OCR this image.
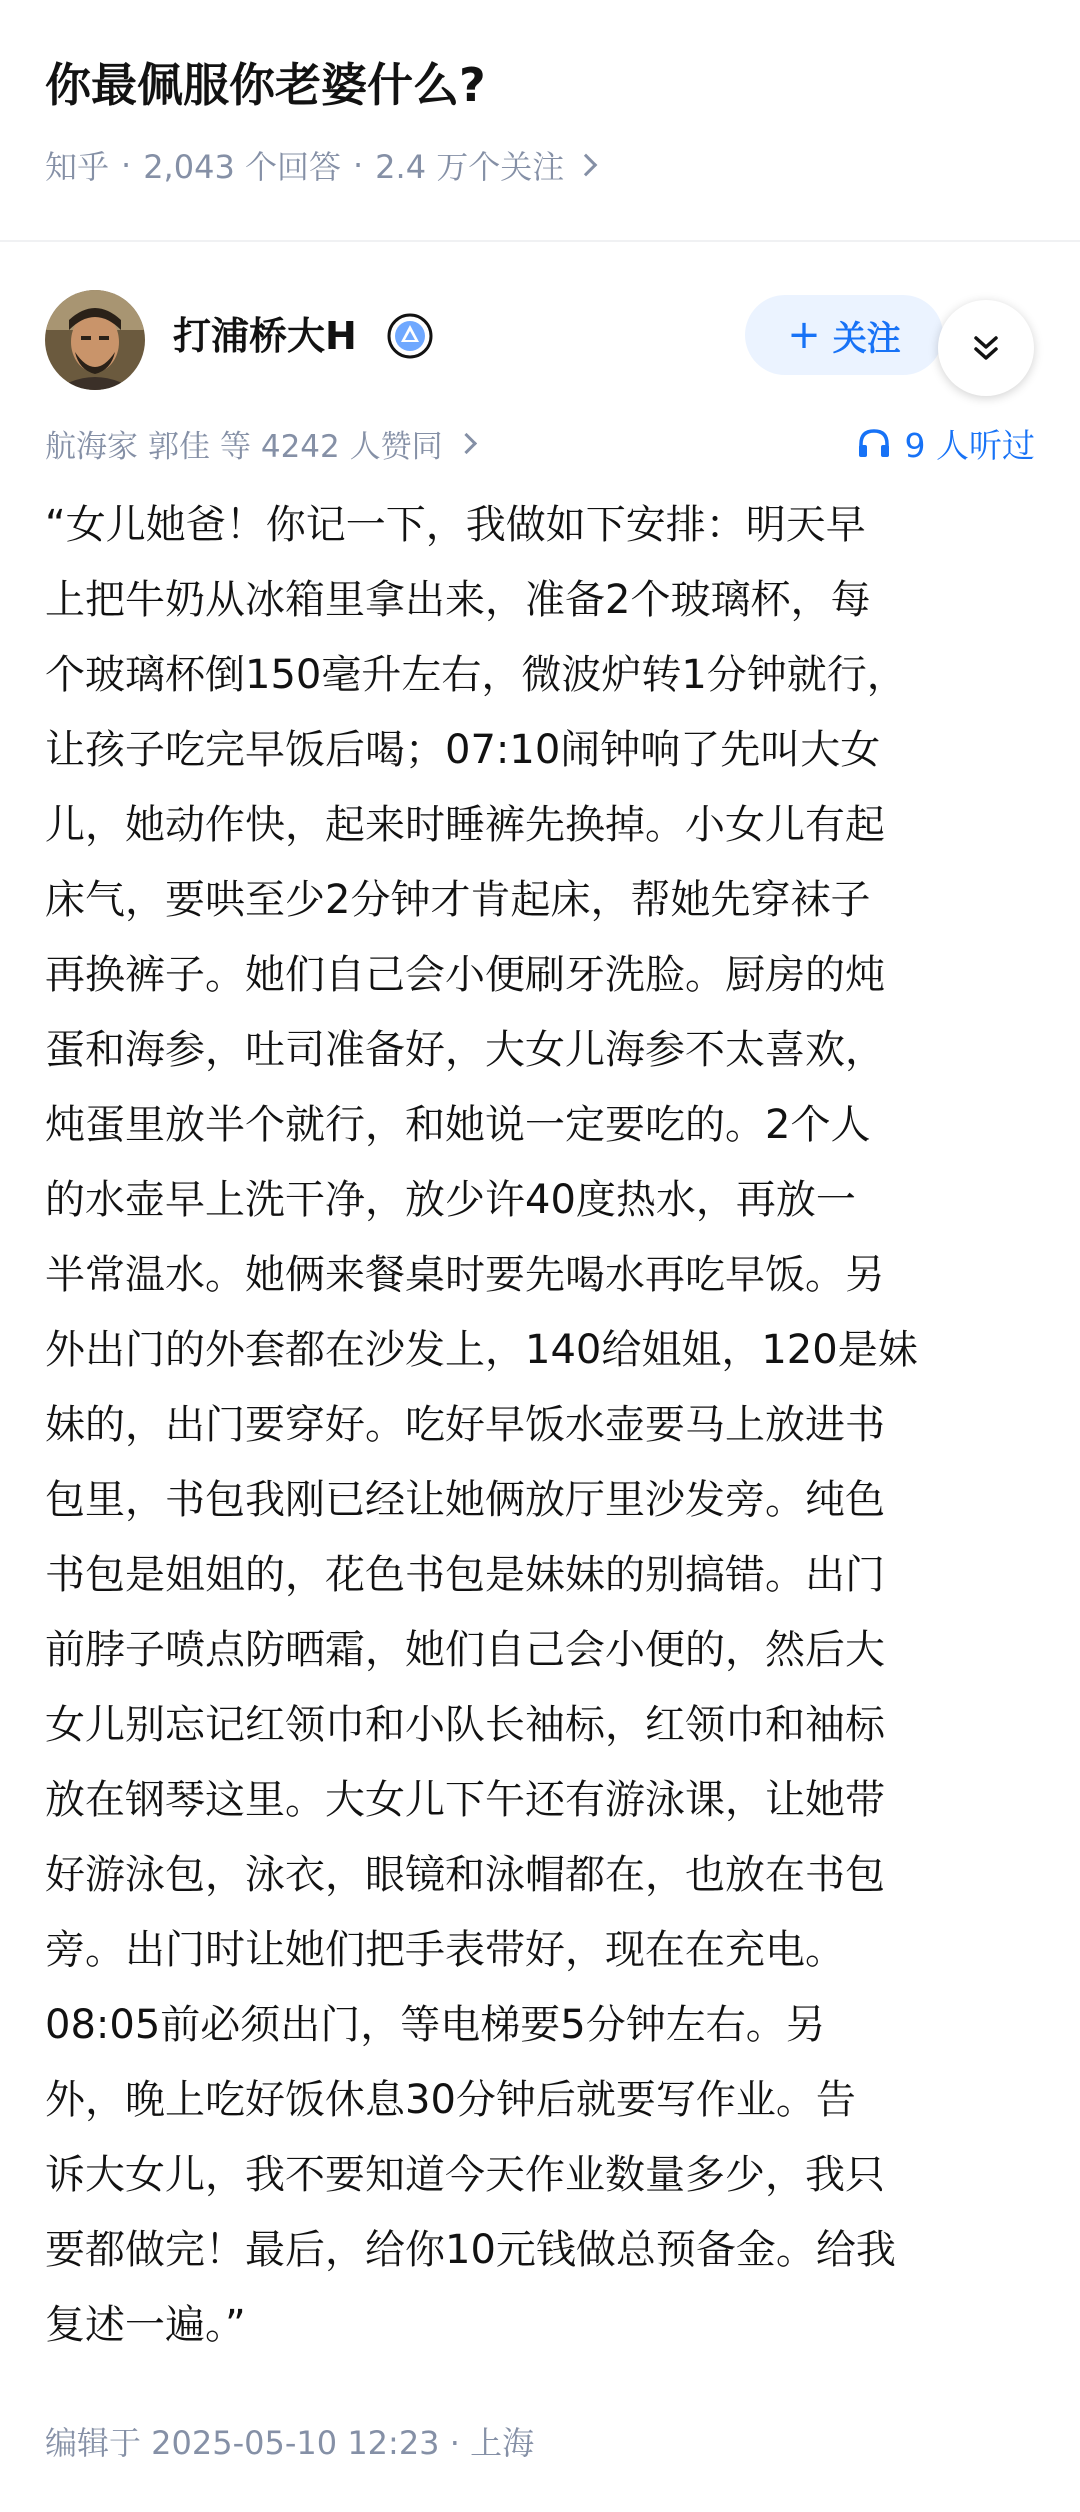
你最佩服你老婆什么?
知乎 · 2,043 个回答 · 2.4 万个关注
打浦桥大H	+ 关注
航海家 郭佳 等 4242 人赞同	9 人听过
“女儿她爸！你记一下，我做如下安排：明天早
上把牛奶从冰箱里拿出来，准备2个玻璃杯，每
个玻璃杯倒150毫升左右，微波炉转1分钟就行，
让孩子吃完早饭后喝；07:10闹钟响了先叫大女
儿，她动作快，起来时睡裤先换掉。小女儿有起
床气，要哄至少2分钟才肯起床，帮她先穿袜子
再换裤子。她们自己会小便刷牙洗脸。厨房的炖
蛋和海参，吐司准备好，大女儿海参不太喜欢，
炖蛋里放半个就行，和她说一定要吃的。2个人
的水壶早上洗干净，放少许40度热水，再放一
半常温水。她俩来餐桌时要先喝水再吃早饭。另
外出门的外套都在沙发上，140给姐姐，120是妹
妹的，出门要穿好。吃好早饭水壶要马上放进书
包里，书包我刚已经让她俩放厅里沙发旁。纯色
书包是姐姐的，花色书包是妹妹的别搞错。出门
前脖子喷点防晒霜，她们自己会小便的，然后大
女儿别忘记红领巾和小队长袖标，红领巾和袖标
放在钢琴这里。大女儿下午还有游泳课，让她带
好游泳包，泳衣，眼镜和泳帽都在，也放在书包
旁。出门时让她们把手表带好，现在在充电。
08:05前必须出门，等电梯要5分钟左右。另
外，晚上吃好饭休息30分钟后就要写作业。告
诉大女儿，我不要知道今天作业数量多少，我只
要都做完！最后，给你10元钱做总预备金。给我
复述一遍。”
编辑于 2025-05-10 12:23 · 上海
